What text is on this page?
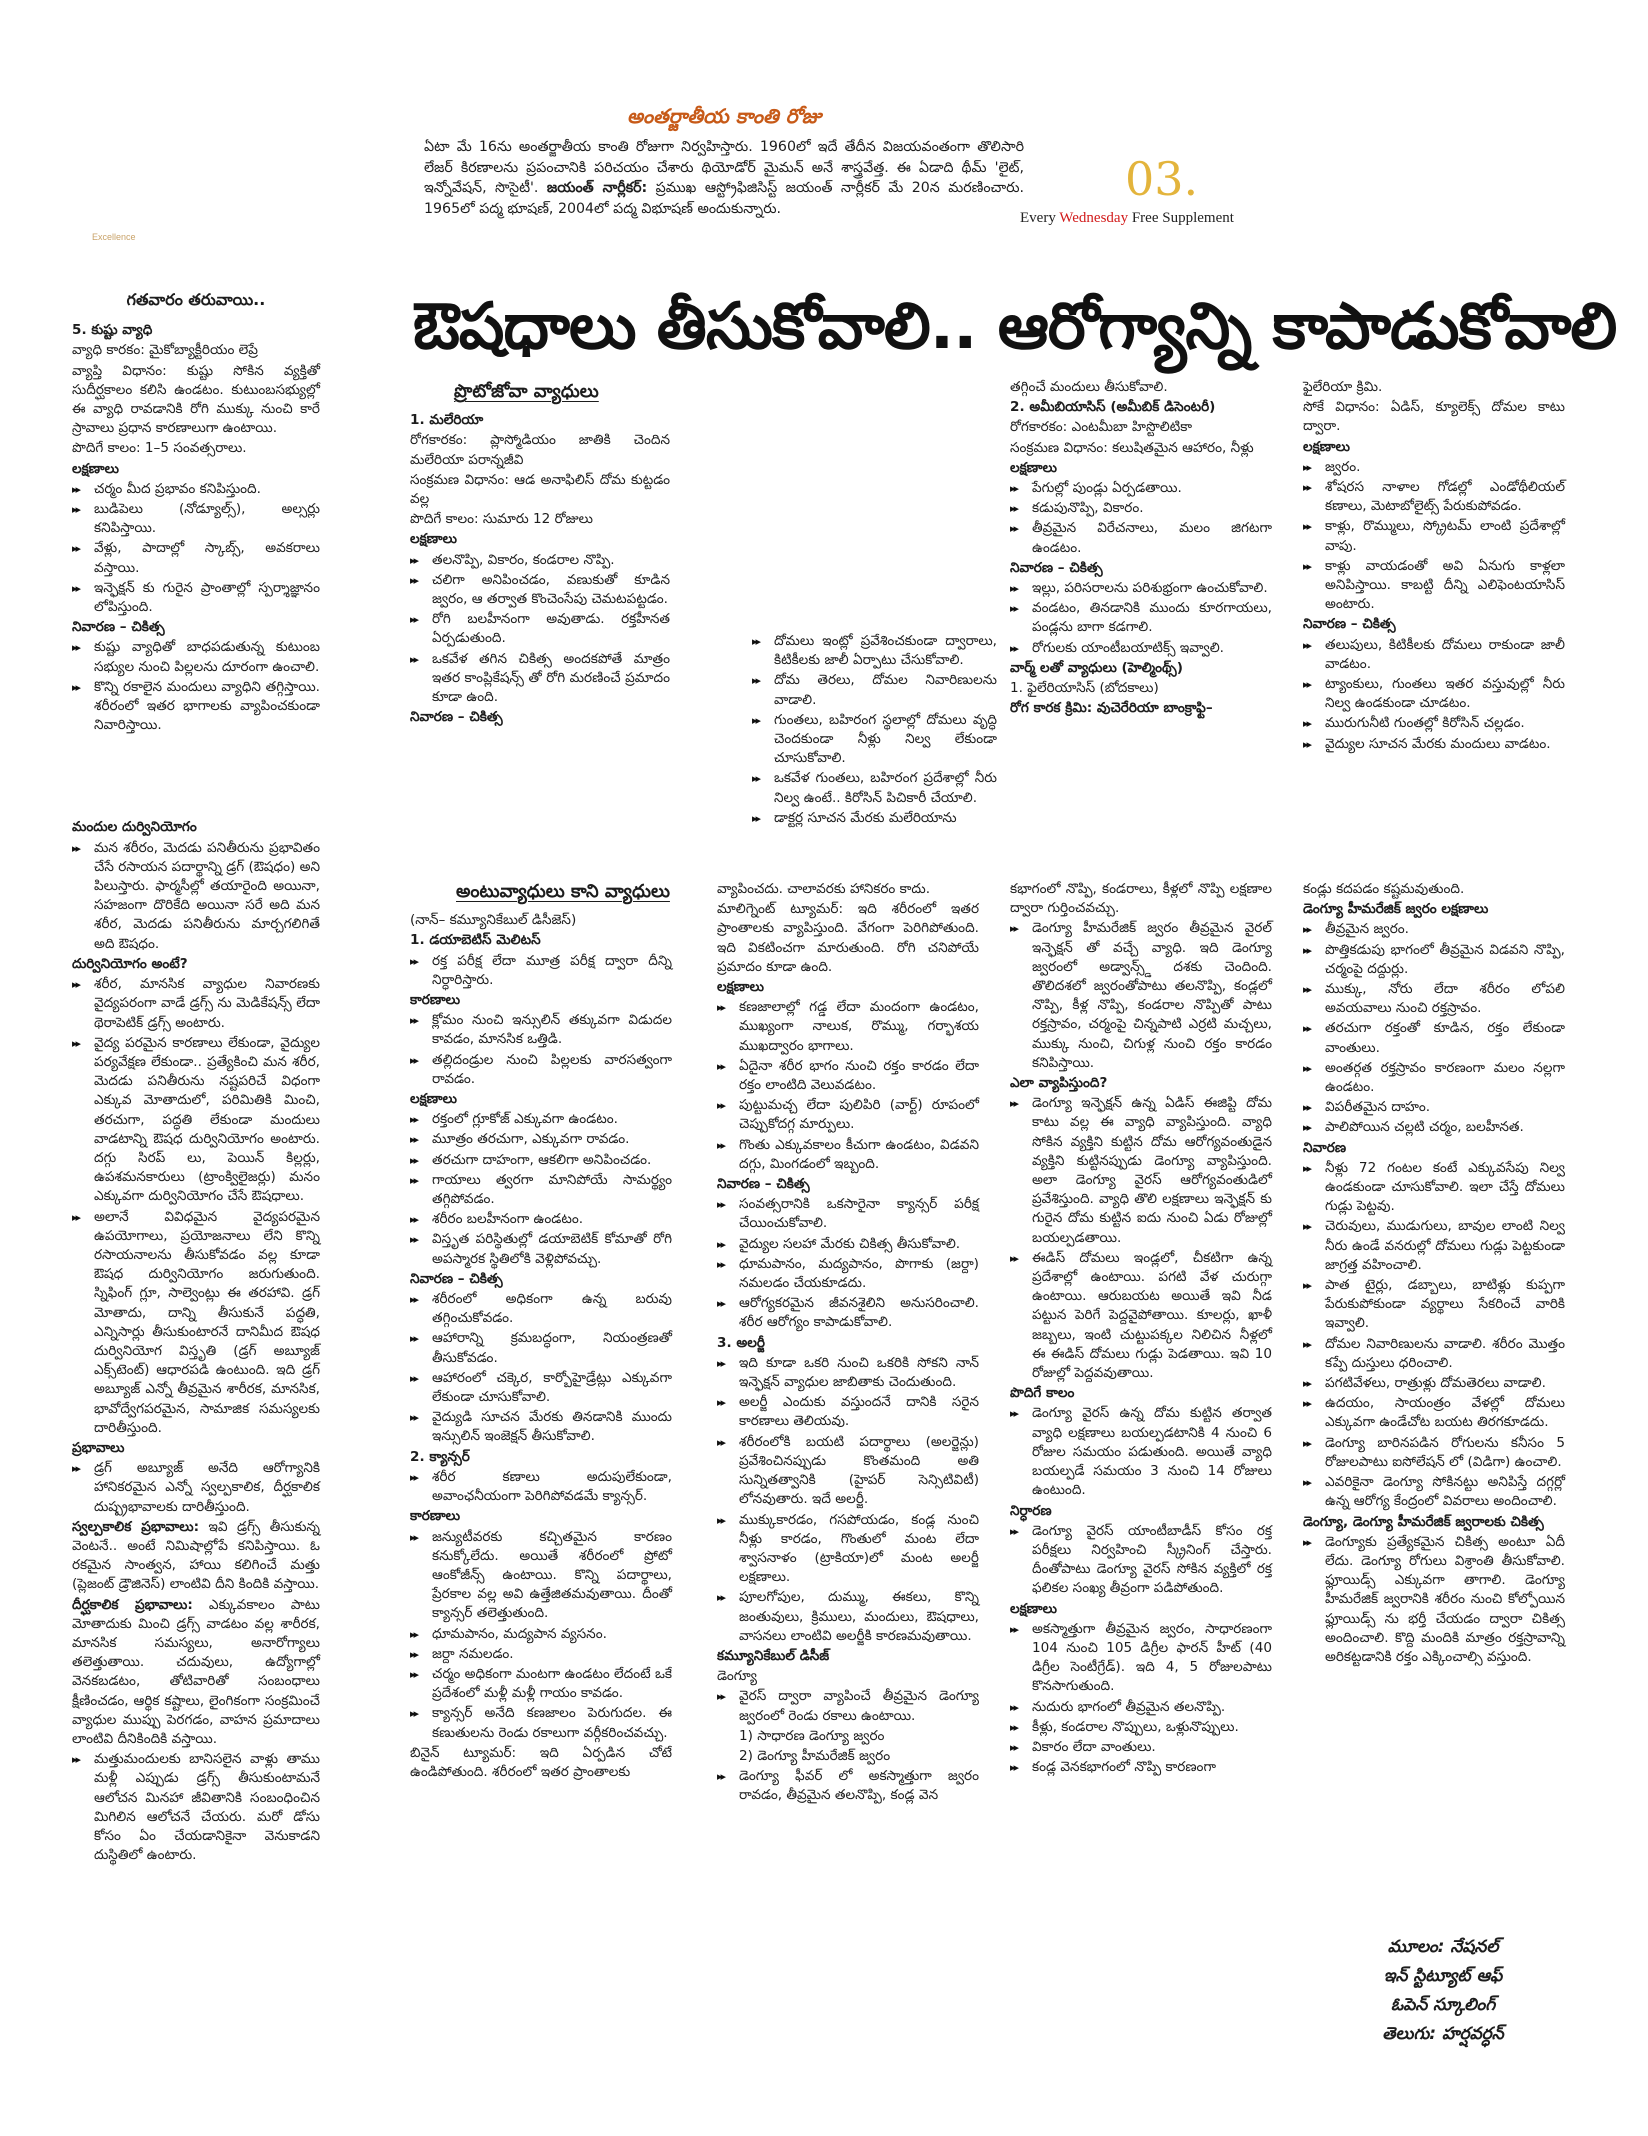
అంతర్జాతీయ కాంతి రోజు
ఏటా మే 16ను అంతర్జాతీయ కాంతి రోజుగా నిర్వహిస్తారు. 1960లో ఇదే తేదీన విజయవంతంగా తొలిసారి లేజర్ కిరణాలను ప్రపంచానికి పరిచయం చేశారు థియోడోర్ మైమన్ అనే శాస్త్రవేత్త. ఈ ఏడాది థీమ్ 'లైట్, ఇన్నోవేషన్, సొసైటీ'. జయంత్ నార్లీకర్: ప్రముఖ ఆస్ట్రోఫిజిసిస్ట్ జయంత్ నార్లీకర్ మే 20న మరణించారు. 1965లో పద్మ భూషణ్, 2004లో పద్మ విభూషణ్ అందుకున్నారు.
03.
Every Wednesday Free Supplement
Excellence
ఔషధాలు తీసుకోవాలి.. ఆరోగ్యాన్ని కాపాడుకోవాలి
గతవారం తరువాయి..

5. కుష్టు వ్యాధి

వ్యాధి కారకం: మైకోబ్యాక్టీరియం లెప్రే

వ్యాప్తి విధానం: కుష్టు సోకిన వ్యక్తితో సుదీర్ఘకాలం కలిసి ఉండటం. కుటుంబసభ్యుల్లో ఈ వ్యాధి రావడానికి రోగి ముక్కు నుంచి కారే స్రావాలు ప్రధాన కారణాలుగా ఉంటాయి.

పొదిగే కాలం: 1–5 సంవత్సరాలు.

లక్షణాలు

▸▸ చర్మం మీద ప్రభావం కనిపిస్తుంది.

▸▸ బుడిపెలు (నోడ్యూల్స్), అల్సర్లు కనిపిస్తాయి.

▸▸ వేళ్లు, పాదాల్లో స్కాబ్స్, అవకరాలు వస్తాయి.

▸▸ ఇన్ఫెక్షన్ కు గురైన ప్రాంతాల్లో స్పర్శాజ్ఞానం లోపిస్తుంది.

నివారణ – చికిత్స

▸▸ కుష్టు వ్యాధితో బాధపడుతున్న కుటుంబ సభ్యుల నుంచి పిల్లలను దూరంగా ఉంచాలి.

▸▸ కొన్ని రకాలైన మందులు వ్యాధిని తగ్గిస్తాయి. శరీరంలో ఇతర భాగాలకు వ్యాపించకుండా నివారిస్తాయి.

మందుల దుర్వినియోగం

▸▸ మన శరీరం, మెదడు పనితీరును ప్రభావితం చేసే రసాయన పదార్థాన్ని డ్రగ్ (ఔషధం) అని పిలుస్తారు. ఫార్మసీల్లో తయారైంది అయినా, సహజంగా దొరికేది అయినా సరే అది మన శరీర, మెదడు పనితీరును మార్చగలిగితే అది ఔషధం.

దుర్వినియోగం అంటే?

▸▸ శరీర, మానసిక వ్యాధుల నివారణకు వైద్యపరంగా వాడే డ్రగ్స్ ను మెడికేషన్స్ లేదా థెరాపెటిక్ డ్రగ్స్ అంటారు.

▸▸ వైద్య పరమైన కారణాలు లేకుండా, వైద్యుల పర్యవేక్షణ లేకుండా.. ప్రత్యేకించి మన శరీర, మెదడు పనితీరును నష్టపరిచే విధంగా ఎక్కువ మోతాదులో, పరిమితికి మించి, తరచుగా, పద్ధతి లేకుండా మందులు వాడటాన్ని ఔషధ దుర్వినియోగం అంటారు. దగ్గు సిరప్ లు, పెయిన్ కిల్లర్లు, ఉపశమనకారులు (ట్రాంక్విలైజర్లు) మనం ఎక్కువగా దుర్వినియోగం చేసే ఔషధాలు.

▸▸ అలానే వివిధమైన వైద్యపరమైన ఉపయోగాలు, ప్రయోజనాలు లేని కొన్ని రసాయనాలను తీసుకోవడం వల్ల కూడా ఔషధ దుర్వినియోగం జరుగుతుంది. స్నిఫింగ్ గ్లూ, సాల్వెంట్లు ఈ తరహావి. డ్రగ్ మోతాదు, దాన్ని తీసుకునే పద్ధతి, ఎన్నిసార్లు తీసుకుంటారనే దానిమీద ఔషధ దుర్వినియోగ విస్తృతి (డ్రగ్ అబ్యూజ్ ఎక్స్‌టెంట్) ఆధారపడి ఉంటుంది. ఇది డ్రగ్ అబ్యూజ్ ఎన్నో తీవ్రమైన శారీరక, మానసిక, భావోద్వేగపరమైన, సామాజిక సమస్యలకు దారితీస్తుంది.

ప్రభావాలు

▸▸ డ్రగ్ అబ్యూజ్ అనేది ఆరోగ్యానికి హానికరమైన ఎన్నో స్వల్పకాలిక, దీర్ఘకాలిక దుష్ప్రభావాలకు దారితీస్తుంది.

స్వల్పకాలిక ప్రభావాలు: ఇవి డ్రగ్స్ తీసుకున్న వెంటనే.. అంటే నిమిషాల్లోపే కనిపిస్తాయి. ఓ రకమైన సాంత్వన, హాయి కలిగించే మత్తు (ప్లెజంట్ డ్రౌజినెస్) లాంటివి దీని కిందికి వస్తాయి.

దీర్ఘకాలిక ప్రభావాలు: ఎక్కువకాలం పాటు మోతాదుకు మించి డ్రగ్స్ వాడటం వల్ల శారీరక, మానసిక సమస్యలు, అనారోగ్యాలు తలెత్తుతాయి. చదువులు, ఉద్యోగాల్లో వెనకబడటం, తోటివారితో సంబంధాలు క్షీణించడం, ఆర్థిక కష్టాలు, లైంగికంగా సంక్రమించే వ్యాధుల ముప్పు పెరగడం, వాహన ప్రమాదాలు లాంటివి దీనికిందికి వస్తాయి.

▸▸ మత్తుమందులకు బానిసలైన వాళ్లు తాము మళ్లీ ఎప్పుడు డ్రగ్స్ తీసుకుంటామనే ఆలోచన మినహా జీవితానికి సంబంధించిన మిగిలిన ఆలోచనే చేయరు. మరో డోసు కోసం ఏం చేయడానికైనా వెనుకాడని దుస్థితిలో ఉంటారు.

ప్రొటోజోవా వ్యాధులు

1. మలేరియా

రోగకారకం: ప్లాస్మోడియం జాతికి చెందిన మలేరియా పరాన్నజీవి

సంక్రమణ విధానం: ఆడ అనాఫిలిస్ దోమ కుట్టడం వల్ల

పొదిగే కాలం: సుమారు 12 రోజులు

లక్షణాలు

▸▸ తలనొప్పి, వికారం, కండరాల నొప్పి.

▸▸ చలిగా అనిపించడం, వణుకుతో కూడిన జ్వరం, ఆ తర్వాత కొంచెంసేపు చెమటపట్టడం.

▸▸ రోగి బలహీనంగా అవుతాడు. రక్తహీనత ఏర్పడుతుంది.

▸▸ ఒకవేళ తగిన చికిత్స అందకపోతే మాత్రం ఇతర కాంప్లికేషన్స్ తో రోగి మరణించే ప్రమాదం కూడా ఉంది.

నివారణ – చికిత్స

▸▸ దోమలు ఇంట్లో ప్రవేశించకుండా ద్వారాలు, కిటికీలకు జాలీ ఏర్పాటు చేసుకోవాలి.

▸▸ దోమ తెరలు, దోమల నివారిణులను వాడాలి.

▸▸ గుంతలు, బహిరంగ స్థలాల్లో దోమలు వృద్ధి చెందకుండా నీళ్లు నిల్వ లేకుండా చూసుకోవాలి.

▸▸ ఒకవేళ గుంతలు, బహిరంగ ప్రదేశాల్లో నీరు నిల్వ ఉంటే.. కిరోసిన్ పిచికారీ చేయాలి.

▸▸ డాక్టర్ల సూచన మేరకు మలేరియాను

తగ్గించే మందులు తీసుకోవాలి.

2. అమీబియాసిస్ (అమీబిక్ డిసెంటరీ)

రోగకారకం: ఎంటమీబా హిస్టొలిటికా

సంక్రమణ విధానం: కలుషితమైన ఆహారం, నీళ్లు

లక్షణాలు

▸▸ పేగుల్లో పుండ్లు ఏర్పడతాయి.

▸▸ కడుపునొప్పి, వికారం.

▸▸ తీవ్రమైన విరేచనాలు, మలం జిగటగా ఉండటం.

నివారణ – చికిత్స

▸▸ ఇల్లు, పరిసరాలను పరిశుభ్రంగా ఉంచుకోవాలి.

▸▸ వండటం, తినడానికి ముందు కూరగాయలు, పండ్లను బాగా కడగాలి.

▸▸ రోగులకు యాంటీబయాటిక్స్ ఇవ్వాలి.

వార్మ్ లతో వ్యాధులు (హెల్మింథ్స్)

1. ఫైలేరియాసిస్ (బోదకాలు)

రోగ కారక క్రిమి: వుచెరేరియా బాంక్రాఫ్టి–

ఫైలేరియా క్రిమి.

సోకే విధానం: ఏడిస్, క్యూలెక్స్ దోమల కాటు ద్వారా.

లక్షణాలు

▸▸ జ్వరం.

▸▸ శోషరస నాళాల గోడల్లో ఎండోథీలియల్ కణాలు, మెటాబోలైట్స్ పేరుకుపోవడం.

▸▸ కాళ్లు, రొమ్ములు, స్క్రోటమ్ లాంటి ప్రదేశాల్లో వాపు.

▸▸ కాళ్లు వాయడంతో అవి ఏనుగు కాళ్లలా అనిపిస్తాయి. కాబట్టి దీన్ని ఎలిఫెంటయాసిస్ అంటారు.

నివారణ – చికిత్స

▸▸ తలుపులు, కిటికీలకు దోమలు రాకుండా జాలీ వాడటం.

▸▸ ట్యాంకులు, గుంతలు ఇతర వస్తువుల్లో నీరు నిల్వ ఉండకుండా చూడటం.

▸▸ మురుగునీటి గుంతల్లో కిరోసిన్ చల్లడం.

▸▸ వైద్యుల సూచన మేరకు మందులు వాడటం.

అంటువ్యాధులు కాని వ్యాధులు

(నాన్– కమ్యూనికేబుల్ డిసీజెస్)

1. డయాబెటిస్ మెలిటస్

▸▸ రక్త పరీక్ష లేదా మూత్ర పరీక్ష ద్వారా దీన్ని నిర్ధారిస్తారు.

కారణాలు

▸▸ క్లోమం నుంచి ఇన్సులిన్ తక్కువగా విడుదల కావడం, మానసిక ఒత్తిడి.

▸▸ తల్లిదండ్రుల నుంచి పిల్లలకు వారసత్వంగా రావడం.

లక్షణాలు

▸▸ రక్తంలో గ్లూకోజ్ ఎక్కువగా ఉండటం.

▸▸ మూత్రం తరచుగా, ఎక్కువగా రావడం.

▸▸ తరచుగా దాహంగా, ఆకలిగా అనిపించడం.

▸▸ గాయాలు త్వరగా మానిపోయే సామర్థ్యం తగ్గిపోవడం.

▸▸ శరీరం బలహీనంగా ఉండటం.

▸▸ విస్తృత పరిస్థితుల్లో డయాబెటిక్ కోమాతో రోగి అపస్మారక స్థితిలోకి వెళ్లిపోవచ్చు.

నివారణ – చికిత్స

▸▸ శరీరంలో అధికంగా ఉన్న బరువు తగ్గించుకోవడం.

▸▸ ఆహారాన్ని క్రమబద్ధంగా, నియంత్రణతో తీసుకోవడం.

▸▸ ఆహారంలో చక్కెర, కార్బోహైడ్రేట్లు ఎక్కువగా లేకుండా చూసుకోవాలి.

▸▸ వైద్యుడి సూచన మేరకు తినడానికి ముందు ఇన్సులిన్ ఇంజెక్షన్ తీసుకోవాలి.

2. క్యాన్సర్

▸▸ శరీర కణాలు అదుపులేకుండా, అవాంఛనీయంగా పెరిగిపోవడమే క్యాన్సర్.

కారణాలు

▸▸ జన్యుటీవరకు కచ్చితమైన కారణం కనుక్కోలేదు. అయితే శరీరంలో ప్రోటో ఆంకోజీన్స్ ఉంటాయి. కొన్ని పదార్థాలు, ప్రేరకాల వల్ల అవి ఉత్తేజితమవుతాయి. దీంతో క్యాన్సర్ తలెత్తుతుంది.

▸▸ ధూమపానం, మద్యపాన వ్యసనం.

▸▸ జర్దా నమలడం.

▸▸ చర్మం అధికంగా మంటగా ఉండటం లేదంటే ఒకే ప్రదేశంలో మళ్లీ మళ్లీ గాయం కావడం.

▸▸ క్యాన్సర్ అనేది కణజాలం పెరుగుదల. ఈ కణుతులను రెండు రకాలుగా వర్గీకరించవచ్చు.

బినైన్ ట్యూమర్: ఇది ఏర్పడిన చోటే ఉండిపోతుంది. శరీరంలో ఇతర ప్రాంతాలకు

వ్యాపించదు. చాలావరకు హానికరం కాదు.

మాలిగ్నెంట్ ట్యూమర్: ఇది శరీరంలో ఇతర ప్రాంతాలకు వ్యాపిస్తుంది. వేగంగా పెరిగిపోతుంది. ఇది వికటించగా మారుతుంది. రోగి చనిపోయే ప్రమాదం కూడా ఉంది.

లక్షణాలు

▸▸ కణజాలాల్లో గడ్డ లేదా మందంగా ఉండటం, ముఖ్యంగా నాలుక, రొమ్ము, గర్భాశయ ముఖద్వారం భాగాలు.

▸▸ ఏదైనా శరీర భాగం నుంచి రక్తం కారడం లేదా రక్తం లాంటిది వెలువడటం.

▸▸ పుట్టుమచ్చ లేదా పులిపిరి (వార్ట్) రూపంలో చెప్పుకోదగ్గ మార్పులు.

▸▸ గొంతు ఎక్కువకాలం కీచుగా ఉండటం, విడవని దగ్గు, మింగడంలో ఇబ్బంది.

నివారణ – చికిత్స

▸▸ సంవత్సరానికి ఒకసారైనా క్యాన్సర్ పరీక్ష చేయించుకోవాలి.

▸▸ వైద్యుల సలహా మేరకు చికిత్స తీసుకోవాలి.

▸▸ ధూమపానం, మద్యపానం, పొగాకు (జర్దా) నమలడం చేయకూడదు.

▸▸ ఆరోగ్యకరమైన జీవనశైలిని అనుసరించాలి. శరీర ఆరోగ్యం కాపాడుకోవాలి.

3. అలర్జీ

▸▸ ఇది కూడా ఒకరి నుంచి ఒకరికి సోకని నాన్ ఇన్ఫెక్షన్ వ్యాధుల జాబితాకు చెందుతుంది.

▸▸ అలర్జీ ఎందుకు వస్తుందనే దానికి సరైన కారణాలు తెలియవు.

▸▸ శరీరంలోకి బయటి పదార్థాలు (అలర్జెన్లు) ప్రవేశించినప్పుడు కొంతమంది అతి సున్నితత్వానికి (హైపర్ సెన్సిటివిటీ) లోనవుతారు. ఇదే అలర్జీ.

▸▸ ముక్కుకారడం, గసపోయడం, కండ్ల నుంచి నీళ్లు కారడం, గొంతులో మంట లేదా శ్వాసనాళం (ట్రాకియా)లో మంట అలర్జీ లక్షణాలు.

▸▸ పూలగోపుల, దుమ్ము, ఈకలు, కొన్ని జంతువులు, క్రిములు, మందులు, ఔషధాలు, వాసనలు లాంటివి అలర్జీకి కారణమవుతాయి.

కమ్యూనికేబుల్ డిసీజ్

డెంగ్యూ

▸▸ వైరస్ ద్వారా వ్యాపించే తీవ్రమైన డెంగ్యూ జ్వరంలో రెండు రకాలు ఉంటాయి.

1) సాధారణ డెంగ్యూ జ్వరం

2) డెంగ్యూ హీమరేజిక్ జ్వరం

▸▸ డెంగ్యూ ఫీవర్ లో అకస్మాత్తుగా జ్వరం రావడం, తీవ్రమైన తలనొప్పి, కండ్ల వెన

కభాగంలో నొప్పి, కండరాలు, కీళ్లలో నొప్పి లక్షణాల ద్వారా గుర్తించవచ్చు.

▸▸ డెంగ్యూ హీమరేజిక్ జ్వరం తీవ్రమైన వైరల్ ఇన్ఫెక్షన్ తో వచ్చే వ్యాధి. ఇది డెంగ్యూ జ్వరంలో అడ్వాన్స్డ్ దశకు చెందింది. తొలిదశలో జ్వరంతోపాటు తలనొప్పి, కండ్లలో నొప్పి, కీళ్ల నొప్పి, కండరాల నొప్పితో పాటు రక్తస్రావం, చర్మంపై చిన్నపాటి ఎర్రటి మచ్చలు, ముక్కు నుంచి, చిగుళ్ల నుంచి రక్తం కారడం కనిపిస్తాయి.

ఎలా వ్యాపిస్తుంది?

▸▸ డెంగ్యూ ఇన్ఫెక్షన్ ఉన్న ఏడిస్ ఈజిప్టి దోమ కాటు వల్ల ఈ వ్యాధి వ్యాపిస్తుంది. వ్యాధి సోకిన వ్యక్తిని కుట్టిన దోమ ఆరోగ్యవంతుడైన వ్యక్తిని కుట్టినప్పుడు డెంగ్యూ వ్యాపిస్తుంది. అలా డెంగ్యూ వైరస్ ఆరోగ్యవంతుడిలో ప్రవేశిస్తుంది. వ్యాధి తొలి లక్షణాలు ఇన్ఫెక్షన్ కు గురైన దోమ కుట్టిన ఐదు నుంచి ఏడు రోజుల్లో బయల్పడతాయి.

▸▸ ఈడిస్ దోమలు ఇండ్లలో, చీకటిగా ఉన్న ప్రదేశాల్లో ఉంటాయి. పగటి వేళ చురుగ్గా ఉంటాయి. ఆరుబయట అయితే ఇవి నీడ పట్టున పెరిగే పెద్దవైపోతాయి. కూలర్లు, ఖాళీ జబ్బలు, ఇంటి చుట్టుపక్కల నిలిచిన నీళ్లలో ఈ ఈడిస్ దోమలు గుడ్లు పెడతాయి. ఇవి 10 రోజుల్లో పెద్దవవుతాయి.

పొదిగే కాలం

▸▸ డెంగ్యూ వైరస్ ఉన్న దోమ కుట్టిన తర్వాత వ్యాధి లక్షణాలు బయల్పడటానికి 4 నుంచి 6 రోజుల సమయం పడుతుంది. అయితే వ్యాధి బయల్పడే సమయం 3 నుంచి 14 రోజులు ఉంటుంది.

నిర్ధారణ

▸▸ డెంగ్యూ వైరస్ యాంటీబాడీస్ కోసం రక్త పరీక్షలు నిర్వహించి స్క్రీనింగ్ చేస్తారు. దీంతోపాటు డెంగ్యూ వైరస్ సోకిన వ్యక్తిలో రక్త ఫలికల సంఖ్య తీవ్రంగా పడిపోతుంది.

లక్షణాలు

▸▸ అకస్మాత్తుగా తీవ్రమైన జ్వరం, సాధారణంగా 104 నుంచి 105 డిగ్రీల ఫారన్ హీట్ (40 డిగ్రీల సెంటీగ్రేడ్). ఇది 4, 5 రోజులపాటు కొనసాగుతుంది.

▸▸ నుదురు భాగంలో తీవ్రమైన తలనొప్పి.

▸▸ కీళ్లు, కండరాల నొప్పులు, ఒళ్లునొప్పులు.

▸▸ వికారం లేదా వాంతులు.

▸▸ కండ్ల వెనకభాగంలో నొప్పి కారణంగా

కండ్లు కదపడం కష్టమవుతుంది.

డెంగ్యూ హీమరేజిక్ జ్వరం లక్షణాలు

▸▸ తీవ్రమైన జ్వరం.

▸▸ పొత్తికడుపు భాగంలో తీవ్రమైన విడవని నొప్పి, చర్మంపై దద్దుర్లు.

▸▸ ముక్కు, నోరు లేదా శరీరం లోపలి అవయవాలు నుంచి రక్తస్రావం.

▸▸ తరచుగా రక్తంతో కూడిన, రక్తం లేకుండా వాంతులు.

▸▸ అంతర్గత రక్తస్రావం కారణంగా మలం నల్లగా ఉండటం.

▸▸ విపరీతమైన దాహం.

▸▸ పాలిపోయిన చల్లటి చర్మం, బలహీనత.

నివారణ

▸▸ నీళ్లు 72 గంటల కంటే ఎక్కువసేపు నిల్వ ఉండకుండా చూసుకోవాలి. ఇలా చేస్తే దోమలు గుడ్లు పెట్టవు.

▸▸ చెరువులు, ముడుగులు, బావుల లాంటి నిల్వ నీరు ఉండే వనరుల్లో దోమలు గుడ్లు పెట్టకుండా జాగ్రత్త వహించాలి.

▸▸ పాత టైర్లు, డబ్బాలు, బాటిళ్లు కుప్పగా పేరుకుపోకుండా వ్యర్థాలు సేకరించే వారికి ఇవ్వాలి.

▸▸ దోమల నివారిణులను వాడాలి. శరీరం మొత్తం కప్పే దుస్తులు ధరించాలి.

▸▸ పగటివేళలు, రాత్రుళ్లు దోమతెరలు వాడాలి.

▸▸ ఉదయం, సాయంత్రం వేళల్లో దోమలు ఎక్కువగా ఉండేచోట బయట తిరగకూడదు.

▸▸ డెంగ్యూ బారినపడిన రోగులను కనీసం 5 రోజులపాటు ఐసోలేషన్ లో (విడిగా) ఉంచాలి.

▸▸ ఎవరికైనా డెంగ్యూ సోకినట్టు అనిపిస్తే దగ్గర్లో ఉన్న ఆరోగ్య కేంద్రంలో వివరాలు అందించాలి.

డెంగ్యూ, డెంగ్యూ హీమరేజిక్ జ్వరాలకు చికిత్స

▸▸ డెంగ్యూకు ప్రత్యేకమైన చికిత్స అంటూ ఏదీ లేదు. డెంగ్యూ రోగులు విశ్రాంతి తీసుకోవాలి. ఫ్లూయిడ్స్ ఎక్కువగా తాగాలి. డెంగ్యూ హీమరేజిక్ జ్వరానికి శరీరం నుంచి కోల్పోయిన ఫ్లూయిడ్స్ ను భర్తీ చేయడం ద్వారా చికిత్స అందించాలి. కొద్ది మందికి మాత్రం రక్తస్రావాన్ని అరికట్టడానికి రక్తం ఎక్కించాల్సి వస్తుంది.

మూలం: నేషనల్
ఇన్ స్టిట్యూట్ ఆఫ్
ఓపెన్ స్కూలింగ్
తెలుగు: హర్షవర్ధన్
